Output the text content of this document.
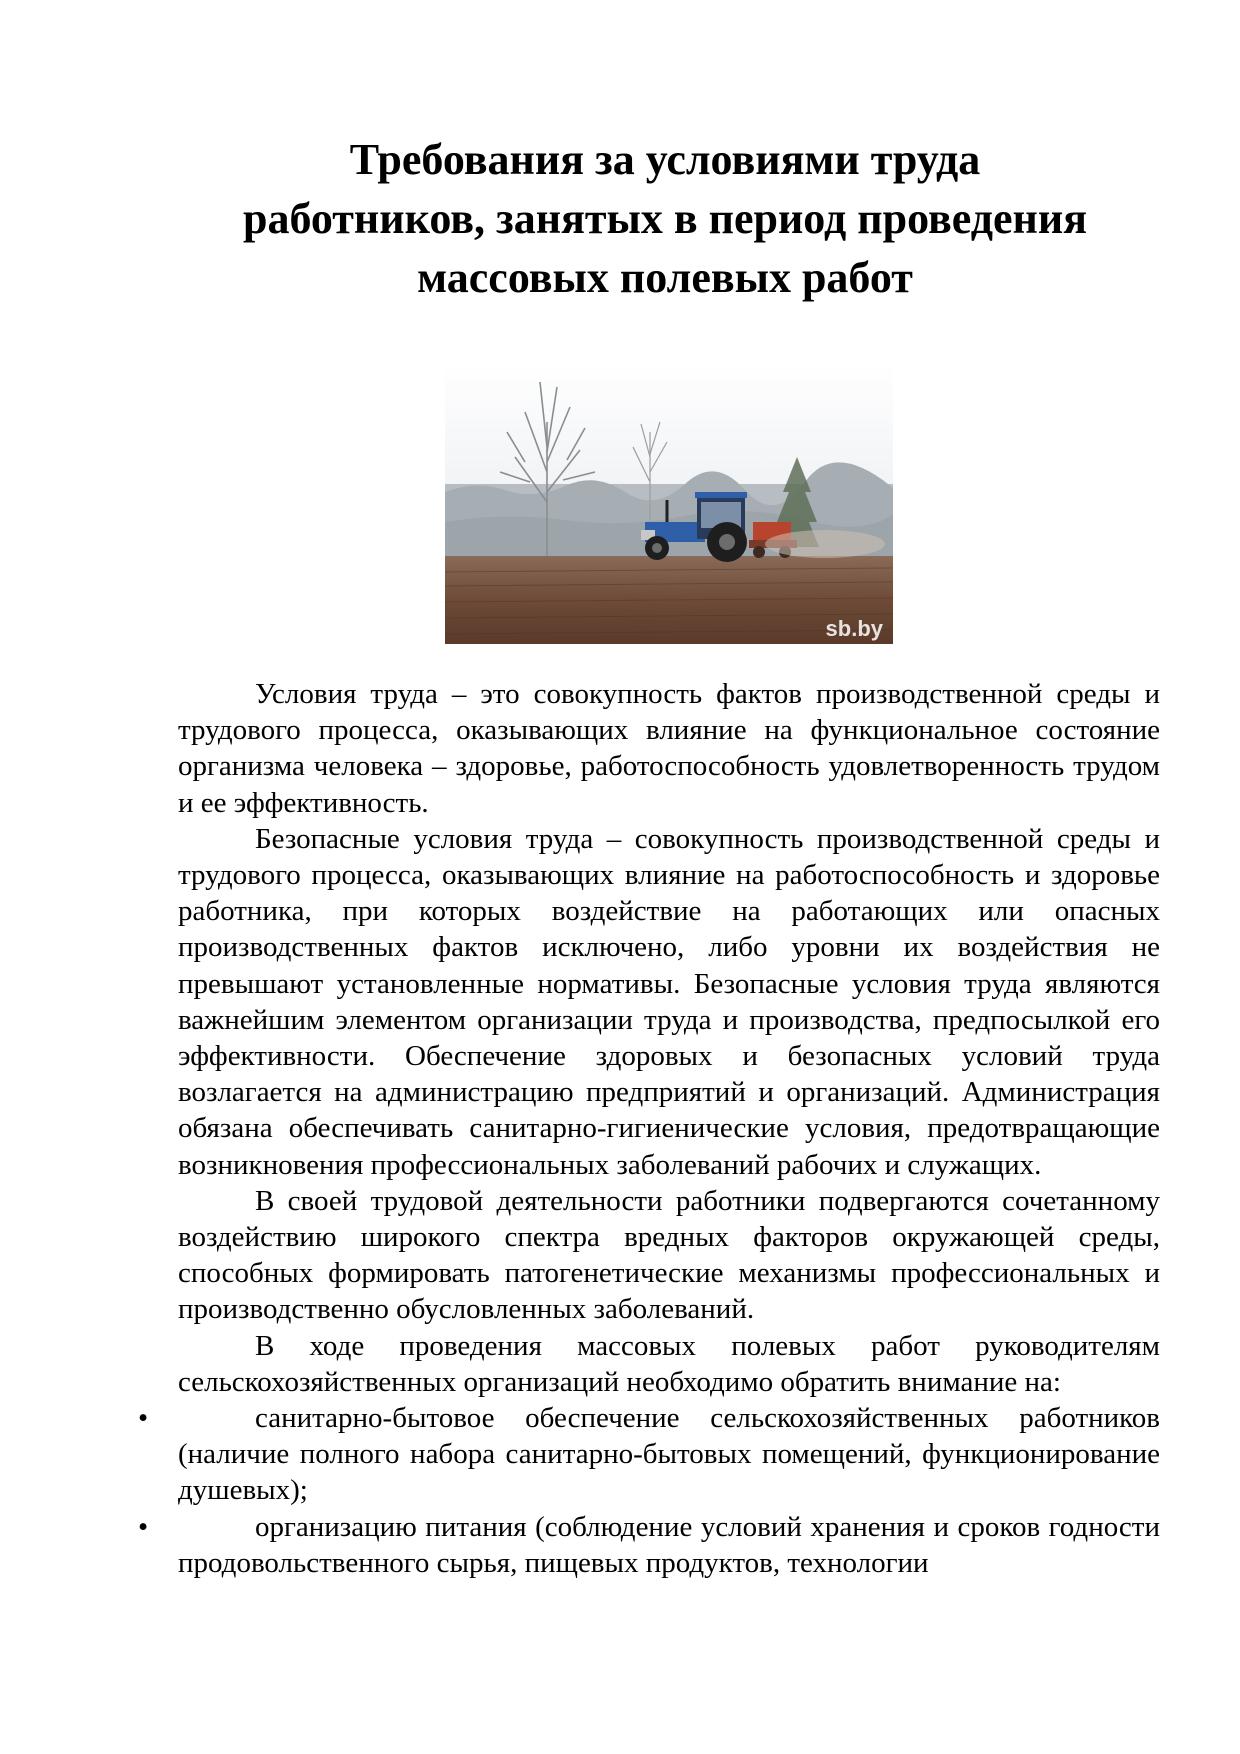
Требования за условиями труда
работников, занятых в период проведения
массовых полевых работ
sb.by

Условия труда – это совокупность фактов производственной среды и трудового процесса, оказывающих влияние на функциональное состояние организма человека – здоровье, работоспособность удовлетворенность трудом и ее эффективность.

Безопасные условия труда – совокупность производственной среды и трудового процесса, оказывающих влияние на работоспособность и здоровье работника, при которых воздействие на работающих или опасных производственных фактов исключено, либо уровни их воздействия не превышают установленные нормативы. Безопасные условия труда являются важнейшим элементом организации труда и производства, предпосылкой его эффективности. Обеспечение здоровых и безопасных условий труда возлагается на администрацию предприятий и организаций. Администрация обязана обеспечивать санитарно-гигиенические условия, предотвращающие возникновения профессиональных заболеваний рабочих и служащих.

В своей трудовой деятельности работники подвергаются сочетанному воздействию широкого спектра вредных факторов окружающей среды, способных формировать патогенетические механизмы профессиональных и производственно обусловленных заболеваний.

В ходе проведения массовых полевых работ руководителям сельскохозяйственных организаций необходимо обратить внимание на:

•	санитарно-бытовое обеспечение сельскохозяйственных работников (наличие полного набора санитарно-бытовых помещений, функционирование душевых);
•	организацию питания (соблюдение условий хранения и сроков годности продовольственного сырья, пищевых продуктов, технологии
